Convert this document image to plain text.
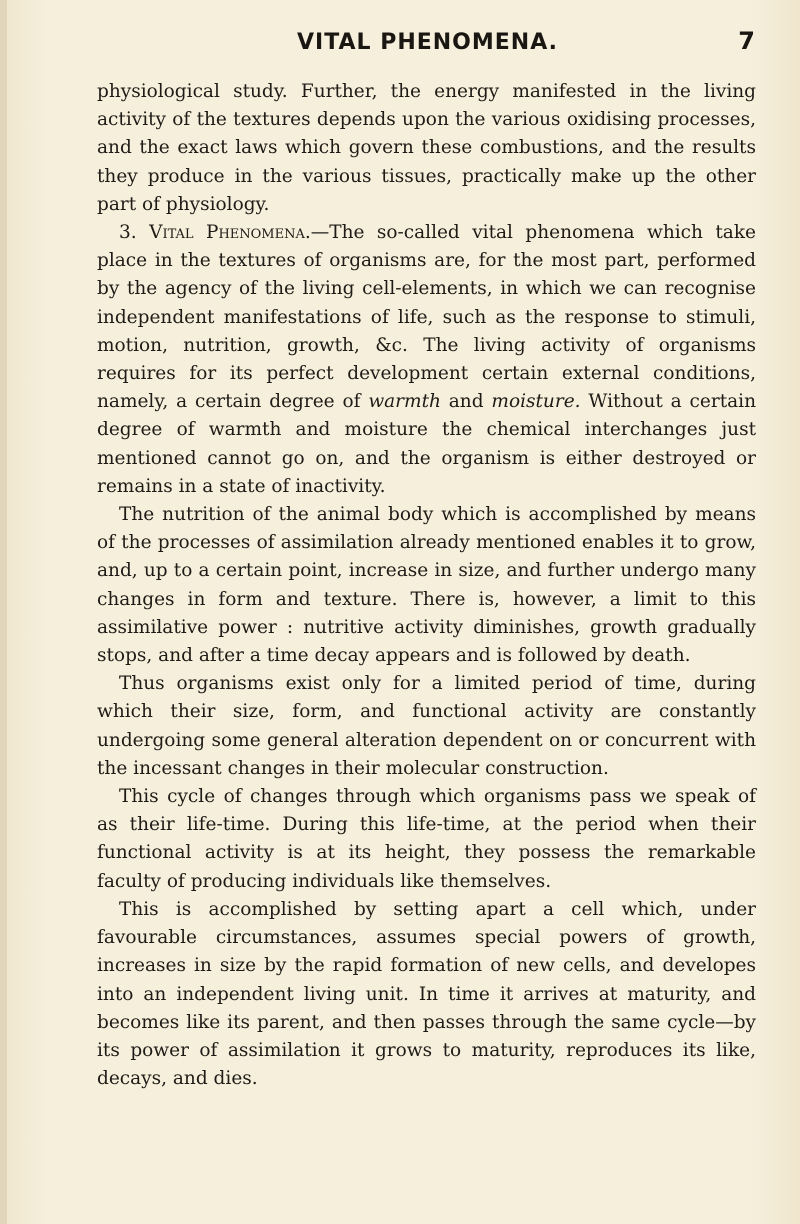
VITAL PHENOMENA.	7

physiological study. Further, the energy manifested in the living activity of the textures depends upon the various oxidising processes, and the exact laws which govern these combustions, and the results they produce in the various tissues, practically make up the other part of physiology.

3. Vital Phenomena.—The so-called vital phenomena which take place in the textures of organisms are, for the most part, performed by the agency of the living cell-elements, in which we can recognise independent manifestations of life, such as the response to stimuli, motion, nutrition, growth, &c. The living activity of organisms requires for its perfect development certain external conditions, namely, a certain degree of warmth and moisture. Without a certain degree of warmth and moisture the chemical interchanges just mentioned cannot go on, and the organism is either destroyed or remains in a state of inactivity.

The nutrition of the animal body which is accomplished by means of the processes of assimilation already mentioned enables it to grow, and, up to a certain point, increase in size, and further undergo many changes in form and texture. There is, however, a limit to this assimilative power : nutritive activity diminishes, growth gradually stops, and after a time decay appears and is followed by death.

Thus organisms exist only for a limited period of time, during which their size, form, and functional activity are constantly undergoing some general alteration dependent on or concurrent with the incessant changes in their molecular construction.

This cycle of changes through which organisms pass we speak of as their life-time. During this life-time, at the period when their functional activity is at its height, they possess the remarkable faculty of producing individuals like themselves.

This is accomplished by setting apart a cell which, under favourable circumstances, assumes special powers of growth, increases in size by the rapid formation of new cells, and developes into an independent living unit. In time it arrives at maturity, and becomes like its parent, and then passes through the same cycle—by its power of assimilation it grows to maturity, reproduces its like, decays, and dies.
